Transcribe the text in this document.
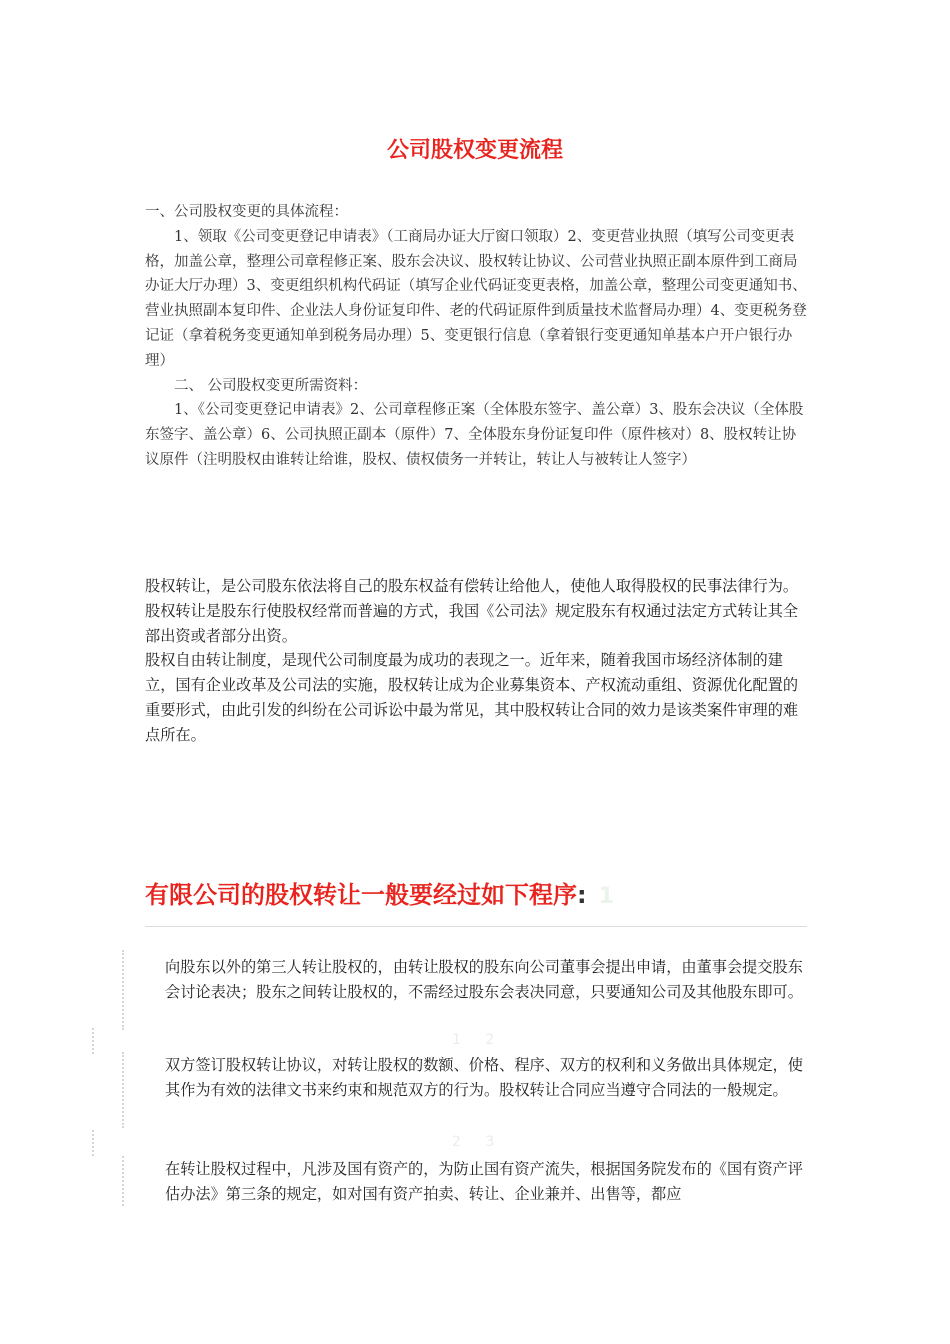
公司股权变更流程

一、公司股权变更的具体流程：

1、领取《公司变更登记申请表》（工商局办证大厅窗口领取）2、变更营业执照（填写公司变更表格，加盖公章，整理公司章程修正案、股东会决议、股权转让协议、公司营业执照正副本原件到工商局办证大厅办理）3、变更组织机构代码证（填写企业代码证变更表格，加盖公章，整理公司变更通知书、营业执照副本复印件、企业法人身份证复印件、老的代码证原件到质量技术监督局办理）4、变更税务登记证（拿着税务变更通知单到税务局办理）5、变更银行信息（拿着银行变更通知单基本户开户银行办理）

二、 公司股权变更所需资料：

1、《公司变更登记申请表》2、公司章程修正案（全体股东签字、盖公章）3、股东会决议（全体股东签字、盖公章）6、公司执照正副本（原件）7、全体股东身份证复印件（原件核对）8、股权转让协议原件（注明股权由谁转让给谁，股权、债权债务一并转让，转让人与被转让人签字）

股权转让，是公司股东依法将自己的股东权益有偿转让给他人，使他人取得股权的民事法律行为。

股权转让是股东行使股权经常而普遍的方式，我国《公司法》规定股东有权通过法定方式转让其全部出资或者部分出资。

股权自由转让制度，是现代公司制度最为成功的表现之一。近年来，随着我国市场经济体制的建立，国有企业改革及公司法的实施，股权转让成为企业募集资本、产权流动重组、资源优化配置的重要形式，由此引发的纠纷在公司诉讼中最为常见，其中股权转让合同的效力是该类案件审理的难点所在。

有限公司的股权转让一般要经过如下程序: 1

向股东以外的第三人转让股权的，由转让股权的股东向公司董事会提出申请，由董事会提交股东会讨论表决；股东之间转让股权的，不需经过股东会表决同意，只要通知公司及其他股东即可。

1 2

双方签订股权转让协议，对转让股权的数额、价格、程序、双方的权利和义务做出具体规定，使其作为有效的法律文书来约束和规范双方的行为。股权转让合同应当遵守合同法的一般规定。

2 3

在转让股权过程中，凡涉及国有资产的，为防止国有资产流失，根据国务院发布的《国有资产评估办法》第三条的规定，如对国有资产拍卖、转让、企业兼并、出售等，都应
